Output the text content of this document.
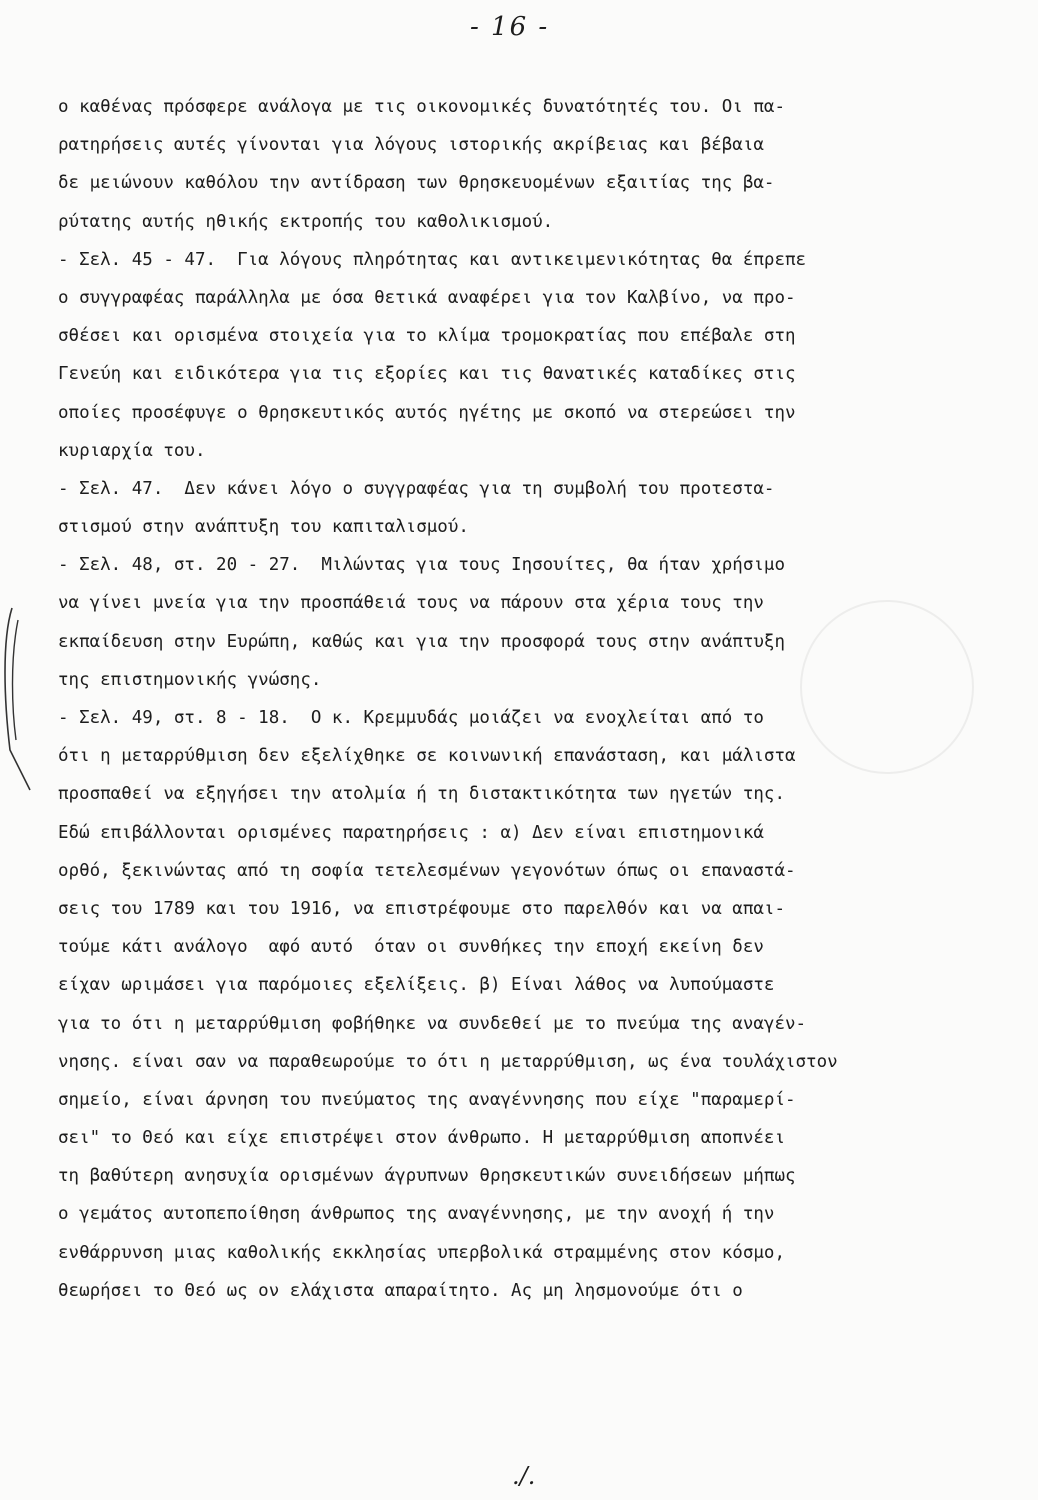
- 16 -
ο καθένας πρόσφερε ανάλογα με τις οικονομικές δυνατότητές του. Οι πα-
ρατηρήσεις αυτές γίνονται για λόγους ιστορικής ακρίβειας και βέβαια
δε μειώνουν καθόλου την αντίδραση των θρησκευομένων εξαιτίας της βα-
ρύτατης αυτής ηθικής εκτροπής του καθολικισμού.
- Σελ. 45 - 47.  Για λόγους πληρότητας και αντικειμενικότητας θα έπρεπε
ο συγγραφέας παράλληλα με όσα θετικά αναφέρει για τον Καλβίνο, να προ-
σθέσει και ορισμένα στοιχεία για το κλίμα τρομοκρατίας που επέβαλε στη
Γενεύη και ειδικότερα για τις εξορίες και τις θανατικές καταδίκες στις
οποίες προσέφυγε ο θρησκευτικός αυτός ηγέτης με σκοπό να στερεώσει την
κυριαρχία του.
- Σελ. 47.  Δεν κάνει λόγο ο συγγραφέας για τη συμβολή του προτεστα-
στισμού στην ανάπτυξη του καπιταλισμού.
- Σελ. 48, στ. 20 - 27.  Μιλώντας για τους Ιησουίτες, θα ήταν χρήσιμο
να γίνει μνεία για την προσπάθειά τους να πάρουν στα χέρια τους την
εκπαίδευση στην Ευρώπη, καθώς και για την προσφορά τους στην ανάπτυξη
της επιστημονικής γνώσης.
- Σελ. 49, στ. 8 - 18.  Ο κ. Κρεμμυδάς μοιάζει να ενοχλείται από το
ότι η μεταρρύθμιση δεν εξελίχθηκε σε κοινωνική επανάσταση, και μάλιστα
προσπαθεί να εξηγήσει την ατολμία ή τη διστακτικότητα των ηγετών της.
Εδώ επιβάλλονται ορισμένες παρατηρήσεις : α) Δεν είναι επιστημονικά
ορθό, ξεκινώντας από τη σοφία τετελεσμένων γεγονότων όπως οι επαναστά-
σεις του 1789 και του 1916, να επιστρέφουμε στο παρελθόν και να απαι-
τούμε κάτι ανάλογο  αφό αυτό  όταν οι συνθήκες την εποχή εκείνη δεν
είχαν ωριμάσει για παρόμοιες εξελίξεις. β) Είναι λάθος να λυπούμαστε
για το ότι η μεταρρύθμιση φοβήθηκε να συνδεθεί με το πνεύμα της αναγέν-
νησης. είναι σαν να παραθεωρούμε το ότι η μεταρρύθμιση, ως ένα τουλάχιστον
σημείο, είναι άρνηση του πνεύματος της αναγέννησης που είχε "παραμερί-
σει" το Θεό και είχε επιστρέψει στον άνθρωπο. Η μεταρρύθμιση αποπνέει
τη βαθύτερη ανησυχία ορισμένων άγρυπνων θρησκευτικών συνειδήσεων μήπως
ο γεμάτος αυτοπεποίθηση άνθρωπος της αναγέννησης, με την ανοχή ή την
ενθάρρυνση μιας καθολικής εκκλησίας υπερβολικά στραμμένης στον κόσμο,
θεωρήσει το Θεό ως ον ελάχιστα απαραίτητο. Ας μη λησμονούμε ότι ο
./.
